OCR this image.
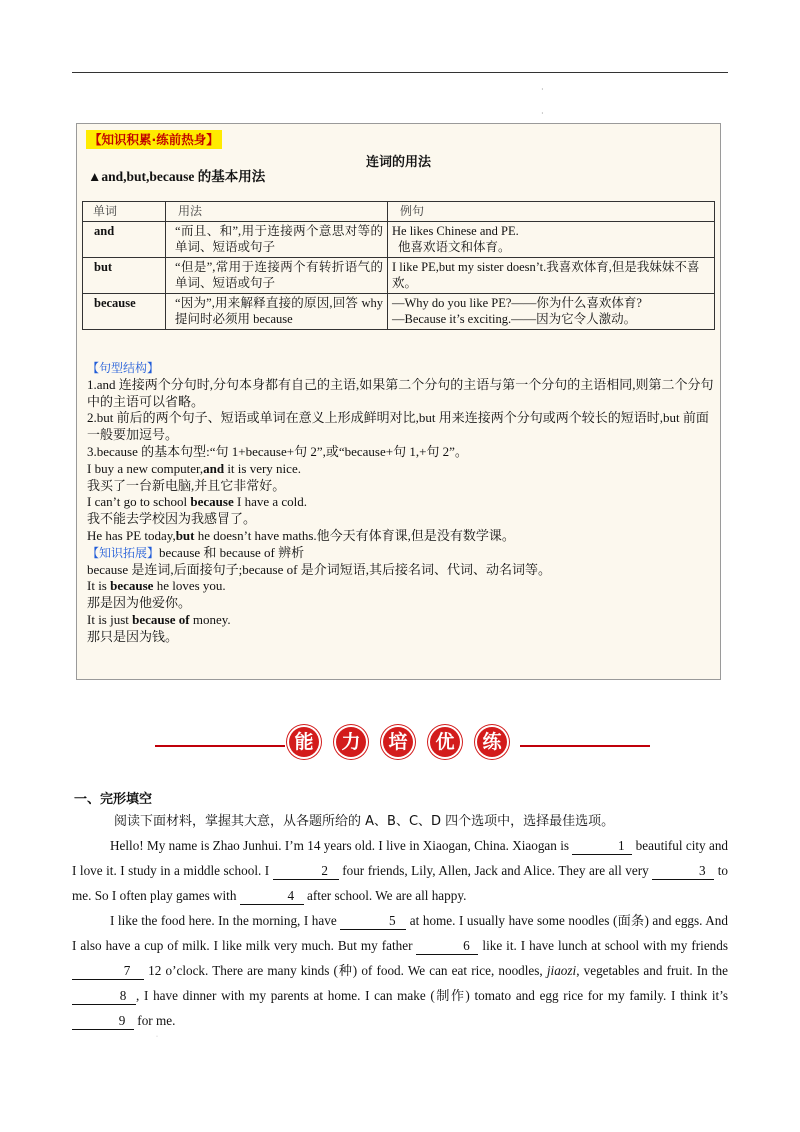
·

·

【知识积累·练前热身】
连词的用法
▲and,but,because 的基本用法
单词	用法	例句
and	“而且、和”,用于连接两个意思对等的单词、短语或句子	He likes Chinese and PE.
他喜欢语文和体育。

but	“但是”,常用于连接两个有转折语气的单词、短语或句子	I like PE,but my sister doesn’t.我喜欢体育,但是我妹妹不喜欢。

because	“因为”,用来解释直接的原因,回答 why 提问时必须用 because	—Why do you like PE?——你为什么喜欢体育?
—Because it’s exciting.——因为它令人激动。
【句型结构】
1.and 连接两个分句时,分句本身都有自己的主语,如果第二个分句的主语与第一个分句的主语相同,则第二个分句中的主语可以省略。
2.but 前后的两个句子、短语或单词在意义上形成鲜明对比,but 用来连接两个分句或两个较长的短语时,but 前面一般要加逗号。
3.because 的基本句型:“句 1+because+句 2”,或“because+句 1,+句 2”。
I buy a new computer,and it is very nice.
我买了一台新电脑,并且它非常好。
I can’t go to school because I have a cold.
我不能去学校因为我感冒了。
He has PE today,but he doesn’t have maths.他今天有体育课,但是没有数学课。
【知识拓展】because 和 because of 辨析
because 是连词,后面接句子;because of 是介词短语,其后接名词、代词、动名词等。
It is because he loves you.
那是因为他爱你。
It is just because of money.
那只是因为钱。
能 力 培 优 练
一、完形填空
阅读下面材料，掌握其大意，从各题所给的 A、B、C、D 四个选项中，选择最佳选项。

Hello! My name is Zhao Junhui. I’m 14 years old. I live in Xiaogan, China. Xiaogan is	1 beautiful city and I love it. I study in a middle school. I	2 four friends, Lily, Allen, Jack and Alice. They are all very	3 to me. So I often play games with	4 after school. We are all happy.

I like the food here. In the morning, I have	5 at home. I usually have some noodles (面条) and eggs. And I also have a cup of milk. I like milk very much. But my father	6 like it. I have lunch at school with my friends 7 12 o’clock. There are many kinds (种) of food. We can eat rice, noodles, jiaozi, vegetables and fruit. In the 8 , I have dinner with my parents at home. I can make (制作) tomato and egg rice for my family. I think it’s 9 for me.

·
